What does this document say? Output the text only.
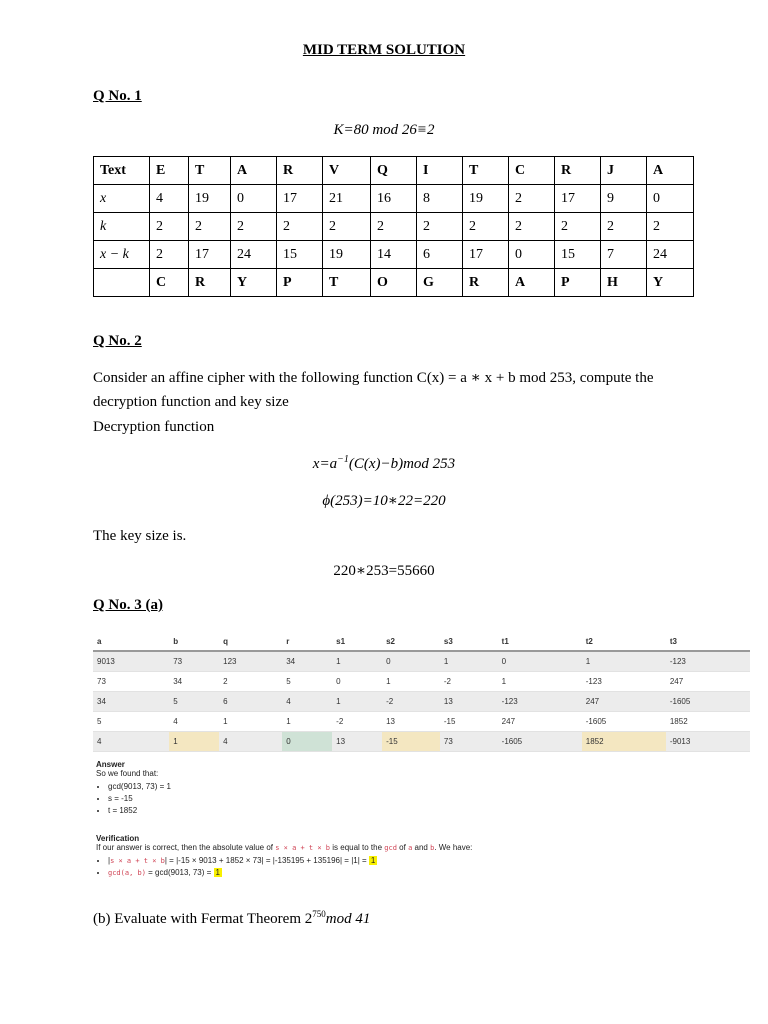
MID TERM SOLUTION
Q No. 1
K=80 mod 26≡2
Text	E	T	A	R	V	Q	I	T	C	R	J	A
x	4	19	0	17	21	16	8	19	2	17	9	0
k	2	2	2	2	2	2	2	2	2	2	2	2
x − k	2	17	24	15	19	14	6	17	0	15	7	24
	C	R	Y	P	T	O	G	R	A	P	H	Y
Q No. 2
Consider an affine cipher with the following function C(x) = a ∗ x + b mod 253, compute the decryption function and key size
Decryption function
$x=a^{-1}(C(x)-b)mod$ 253
ϕ(253)=10∗22=220
The key size is.
220∗253=55660
Q No. 3 (a)
a	b	q	r	s1	s2	s3	t1	t2	t3
9013	73	123	34	1	0	1	0	1	-123
73	34	2	5	0	1	-2	1	-123	247
34	5	6	4	1	-2	13	-123	247	-1605
5	4	1	1	-2	13	-15	247	-1605	1852
4	1	4	0	13	-15	73	-1605	1852	-9013
Answer
So we found that:
• gcd(9013, 73) = 1
• s = -15
• t = 1852
Verification
If our answer is correct, then the absolute value of s × a + t × b is equal to the gcd of a and b. We have:
• |s × a + t × b| = |-15 × 9013 + 1852 × 73| = |-135195 + 135196| = |1| = 1
• gcd(a, b) = gcd(9013, 73) = 1
(b) Evaluate with Fermat Theorem $2^{750}mod$ 41
